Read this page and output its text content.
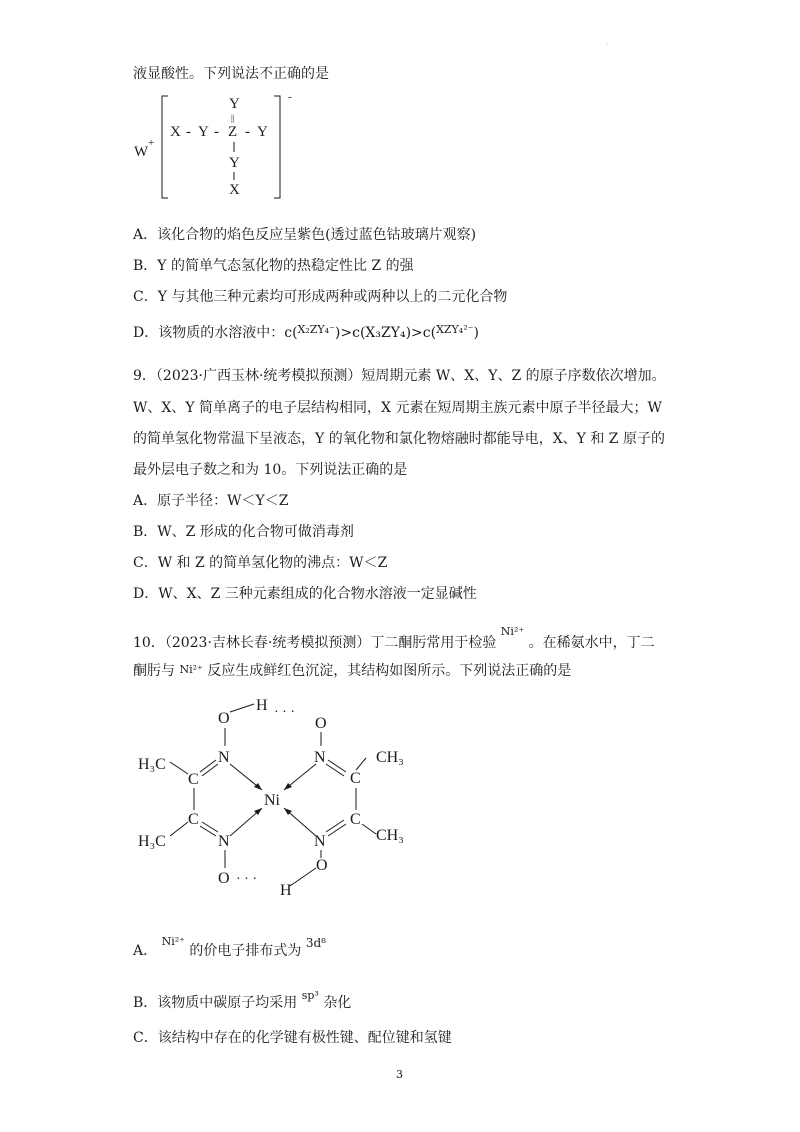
.
液显酸性。下列说法不正确的是
W
+
-
Y
||
X - Y - Z - Y
Y
X
A．该化合物的焰色反应呈紫色(透过蓝色钴玻璃片观察)
B．Y 的简单气态氢化物的热稳定性比 Z 的强
C．Y 与其他三种元素均可形成两种或两种以上的二元化合物
D．该物质的水溶液中：c($^{X_2ZY_4^-}$)>c(X₃ZY₄)>c($^{XZY_4^{2-}}$)
9．（2023·广西玉林·统考模拟预测）短周期元素 W、X、Y、Z 的原子序数依次增加。
W、X、Y 简单离子的电子层结构相同，X 元素在短周期主族元素中原子半径最大；W
的简单氢化物常温下呈液态，Y 的氧化物和氯化物熔融时都能导电，X、Y 和 Z 原子的
最外层电子数之和为 10。下列说法正确的是
A．原子半径：W＜Y＜Z
B．W、Z 形成的化合物可做消毒剂
C．W 和 Z 的简单氢化物的沸点：W＜Z
D．W、X、Z 三种元素组成的化合物水溶液一定显碱性
10．（2023·吉林长春·统考模拟预测）丁二酮肟常用于检验 $^{Ni^{2+}}$ 。在稀氨水中，丁二
酮肟与 Ni²⁺ 反应生成鲜红色沉淀，其结构如图所示。下列说法正确的是
O
H · · ·
O
N	N
H₃C	CH₃
C	C
Ni
C	C
H₃C	CH₃
N	N
O · · ·
H
O
A． $^{Ni^{2+}}$ 的价电子排布式为 3d⁸
B．该物质中碳原子均采用 $^{sp^3}$ 杂化
C．该结构中存在的化学键有极性键、配位键和氢键
3
